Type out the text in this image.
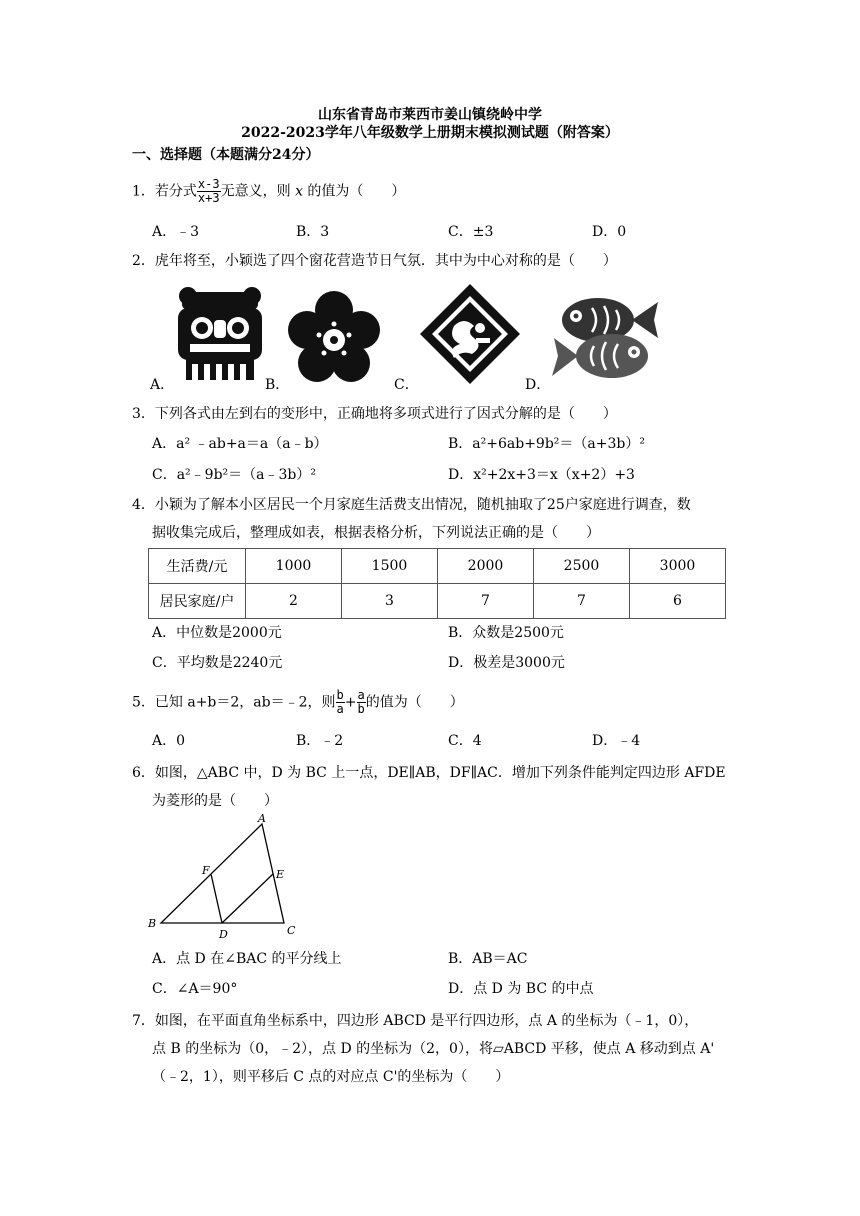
山东省青岛市莱西市姜山镇绕岭中学
2022-2023学年八年级数学上册期末模拟测试题（附答案）
一、选择题（本题满分24分）
1．若分式 $\frac{x-3}{x+3}$ 无意义，则 x 的值为（　　）
A．﹣3	B．3	C．±3	D．0
2．虎年将至，小颖选了四个窗花营造节日气氛．其中为中心对称的是（　　）
A．	B．	C．	D．
3．下列各式由左到右的变形中，正确地将多项式进行了因式分解的是（　　）
A．a² ﹣ab+a＝a（a﹣b）	B．a²+6ab+9b²＝（a+3b）²
C．a²﹣9b²＝（a﹣3b）²	D．x²+2x+3＝x（x+2）+3
4．小颖为了解本小区居民一个月家庭生活费支出情况，随机抽取了25户家庭进行调查，数
据收集完成后，整理成如表，根据表格分析，下列说法正确的是（　　）
生活费/元	1000	1500	2000	2500	3000
居民家庭/户	2	3	7	7	6
A．中位数是2000元	B．众数是2500元
C．平均数是2240元	D．极差是3000元
5．已知 a+b＝2，ab＝﹣2，则 $\frac{b}{a} + \frac{a}{b}$ 的值为（　　）
A．0	B．﹣2	C．4	D．﹣4
6．如图，△ABC 中，D 为 BC 上一点，DE∥AB，DF∥AC．增加下列条件能判定四边形 AFDE
为菱形的是（　　）
A
B
C
D
E
F
A．点 D 在∠BAC 的平分线上	B．AB＝AC
C．∠A＝90°	D．点 D 为 BC 的中点
7．如图，在平面直角坐标系中，四边形 ABCD 是平行四边形，点 A 的坐标为（﹣1，0），
点 B 的坐标为（0，﹣2），点 D 的坐标为（2，0），将▱ABCD 平移，使点 A 移动到点 A'
（﹣2，1），则平移后 C 点的对应点 C'的坐标为（　　）
